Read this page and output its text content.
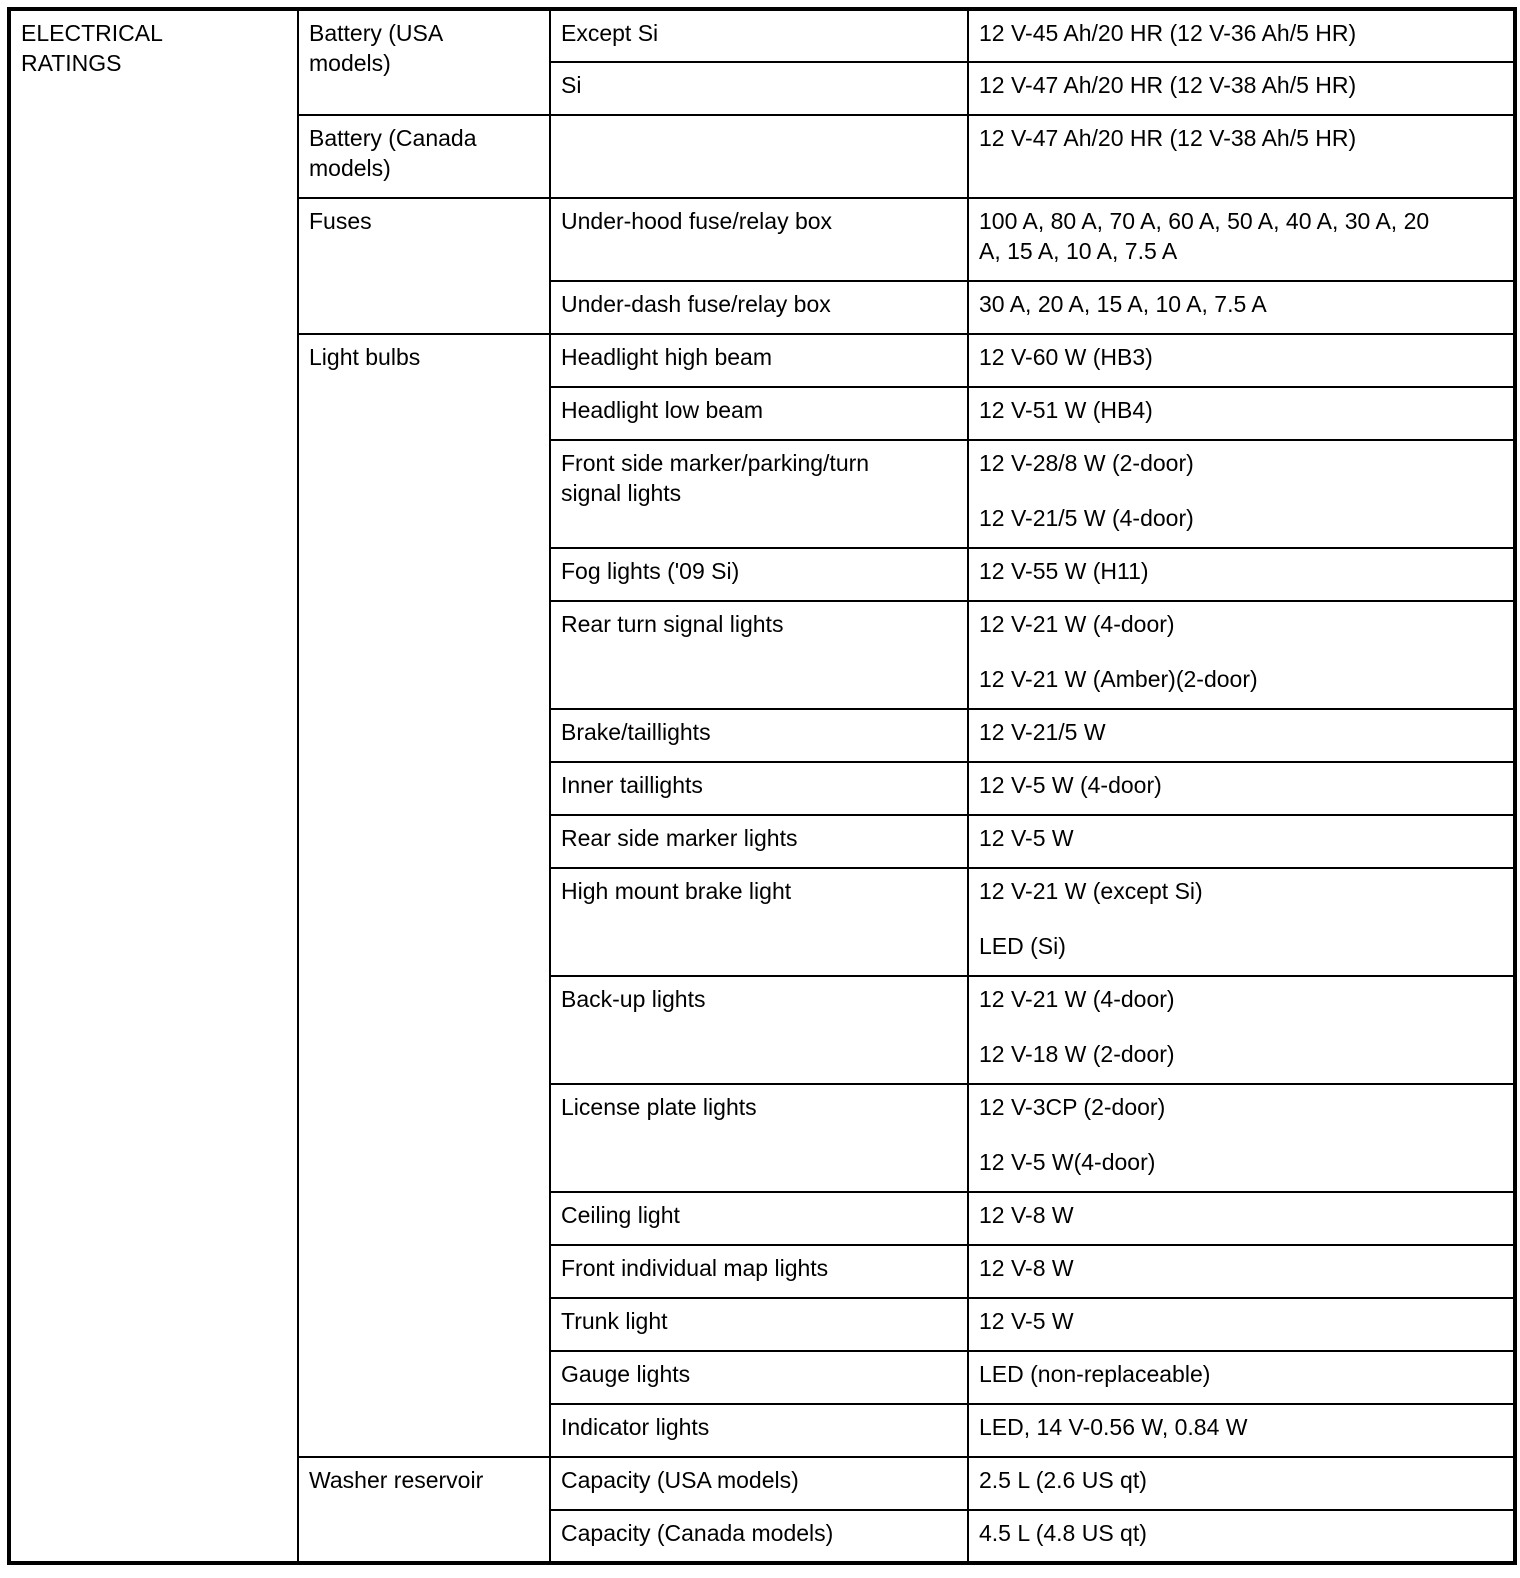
ELECTRICAL
RATINGS	Battery (USA
models)	Except Si	12 V-45 Ah/20 HR (12 V-36 Ah/5 HR)

		Si	12 V-47 Ah/20 HR (12 V-38 Ah/5 HR)

	Battery (Canada
models)		12 V-47 Ah/20 HR (12 V-38 Ah/5 HR)

	Fuses	Under-hood fuse/relay box	100 A, 80 A, 70 A, 60 A, 50 A, 40 A, 30 A, 20
A, 15 A, 10 A, 7.5 A

		Under-dash fuse/relay box	30 A, 20 A, 15 A, 10 A, 7.5 A

	Light bulbs	Headlight high beam	12 V-60 W (HB3)

		Headlight low beam	12 V-51 W (HB4)

		Front side marker/parking/turn
signal lights	12 V-28/8 W (2-door)
12 V-21/5 W (4-door)

		Fog lights ('09 Si)	12 V-55 W (H11)

		Rear turn signal lights	12 V-21 W (4-door)
12 V-21 W (Amber)(2-door)

		Brake/taillights	12 V-21/5 W

		Inner taillights	12 V-5 W (4-door)

		Rear side marker lights	12 V-5 W

		High mount brake light	12 V-21 W (except Si)
LED (Si)

		Back-up lights	12 V-21 W (4-door)
12 V-18 W (2-door)

		License plate lights	12 V-3CP (2-door)
12 V-5 W(4-door)

		Ceiling light	12 V-8 W

		Front individual map lights	12 V-8 W

		Trunk light	12 V-5 W

		Gauge lights	LED (non-replaceable)

		Indicator lights	LED, 14 V-0.56 W, 0.84 W

	Washer reservoir	Capacity (USA models)	2.5 L (2.6 US qt)

		Capacity (Canada models)	4.5 L (4.8 US qt)
